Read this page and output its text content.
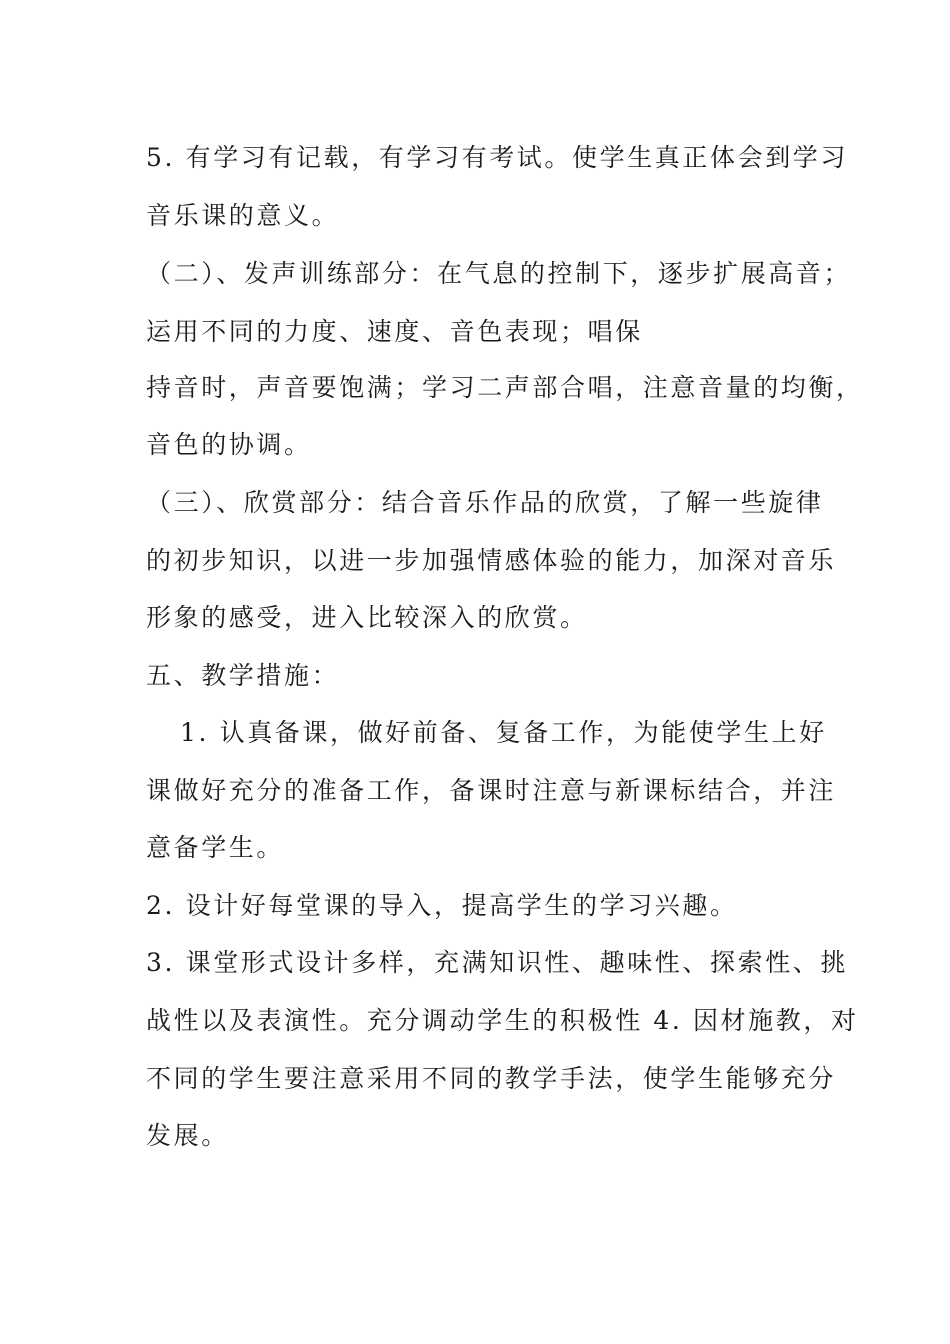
5. 有学习有记载，有学习有考试。使学生真正体会到学习
音乐课的意义。
（二）、发声训练部分：在气息的控制下，逐步扩展高音；
运用不同的力度、速度、音色表现；唱保
持音时，声音要饱满；学习二声部合唱，注意音量的均衡，
音色的协调。
（三）、欣赏部分：结合音乐作品的欣赏，了解一些旋律
的初步知识，以进一步加强情感体验的能力，加深对音乐
形象的感受，进入比较深入的欣赏。
五、教学措施：
1. 认真备课，做好前备、复备工作，为能使学生上好
课做好充分的准备工作，备课时注意与新课标结合，并注
意备学生。
2. 设计好每堂课的导入，提高学生的学习兴趣。
3. 课堂形式设计多样，充满知识性、趣味性、探索性、挑
战性以及表演性。充分调动学生的积极性 4. 因材施教，对
不同的学生要注意采用不同的教学手法，使学生能够充分
发展。
